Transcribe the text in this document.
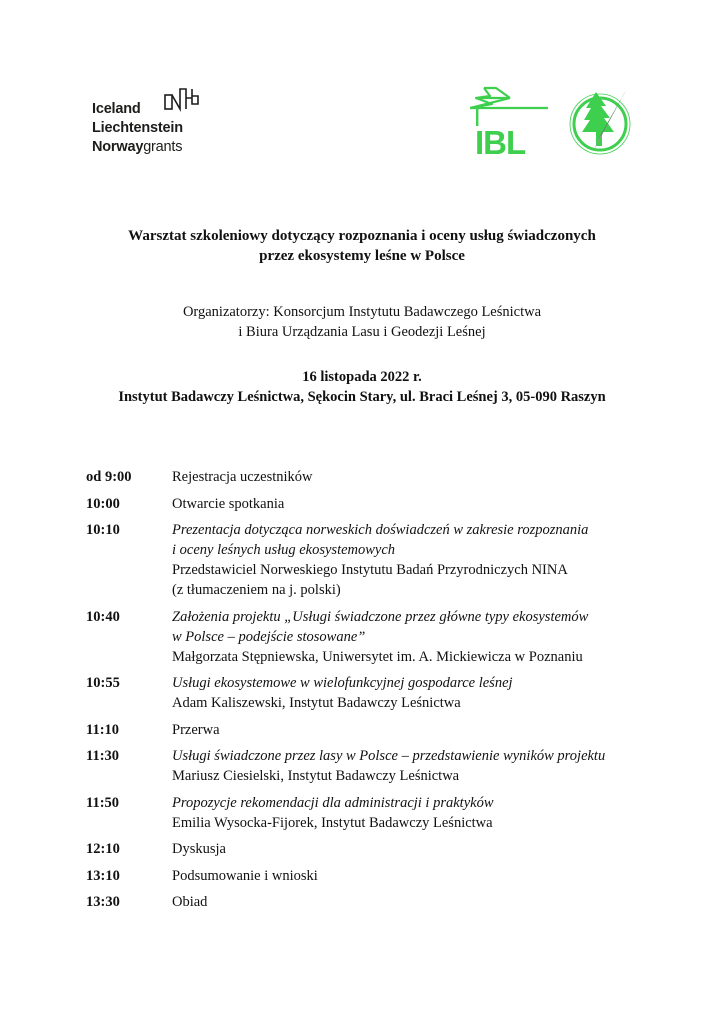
Iceland
Liechtenstein
Norwaygrants	IBL
Warsztat szkoleniowy dotyczący rozpoznania i oceny usług świadczonych
przez ekosystemy leśne w Polsce
Organizatorzy: Konsorcjum Instytutu Badawczego Leśnictwa
i Biura Urządzania Lasu i Geodezji Leśnej
16 listopada 2022 r.
Instytut Badawczy Leśnictwa, Sękocin Stary, ul. Braci Leśnej 3, 05-090 Raszyn
od 9:00	Rejestracja uczestników
10:00	Otwarcie spotkania
10:10	Prezentacja dotycząca norweskich doświadczeń w zakresie rozpoznania
i oceny leśnych usług ekosystemowych
Przedstawiciel Norweskiego Instytutu Badań Przyrodniczych NINA
(z tłumaczeniem na j. polski)
10:40	Założenia projektu „Usługi świadczone przez główne typy ekosystemów
w Polsce – podejście stosowane”
Małgorzata Stępniewska, Uniwersytet im. A. Mickiewicza w Poznaniu
10:55	Usługi ekosystemowe w wielofunkcyjnej gospodarce leśnej
Adam Kaliszewski, Instytut Badawczy Leśnictwa
11:10	Przerwa
11:30	Usługi świadczone przez lasy w Polsce – przedstawienie wyników projektu
Mariusz Ciesielski, Instytut Badawczy Leśnictwa
11:50	Propozycje rekomendacji dla administracji i praktyków
Emilia Wysocka-Fijorek, Instytut Badawczy Leśnictwa
12:10	Dyskusja
13:10	Podsumowanie i wnioski
13:30	Obiad
